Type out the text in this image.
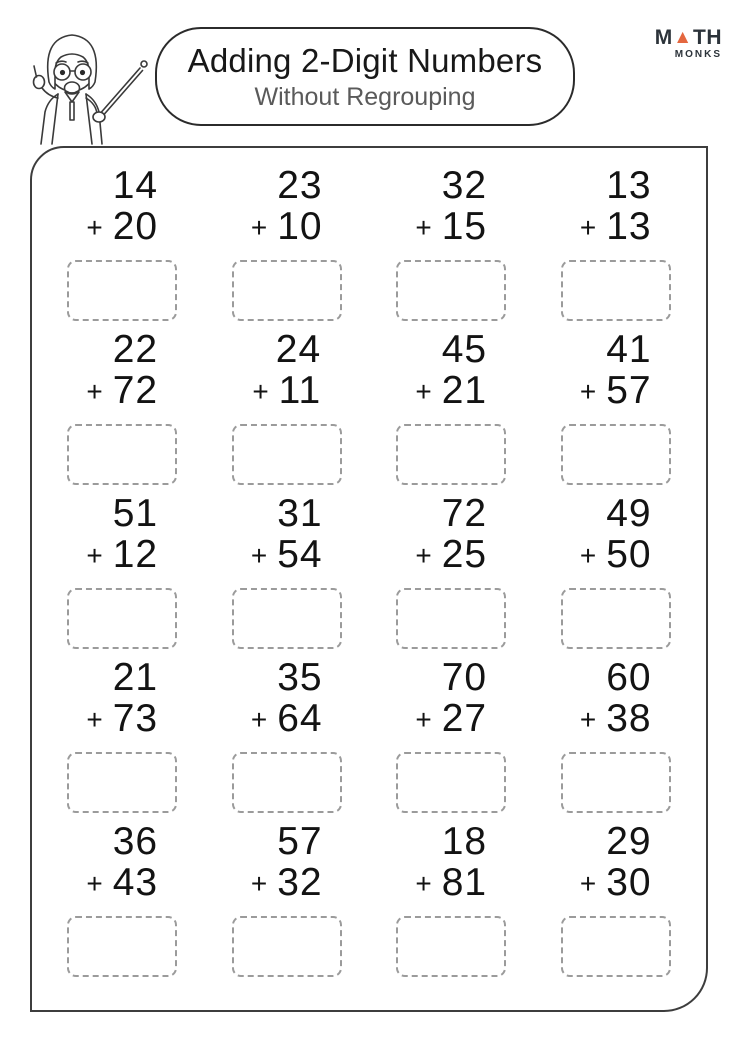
Adding 2-Digit Numbers
Without Regrouping
M ▲ TH
MONKS
14
+ 20
23
+ 10
32
+ 15
13
+ 13
22
+ 72
24
+ 11
45
+ 21
41
+ 57
51
+ 12
31
+ 54
72
+ 25
49
+ 50
21
+ 73
35
+ 64
70
+ 27
60
+ 38
36
+ 43
57
+ 32
18
+ 81
29
+ 30
